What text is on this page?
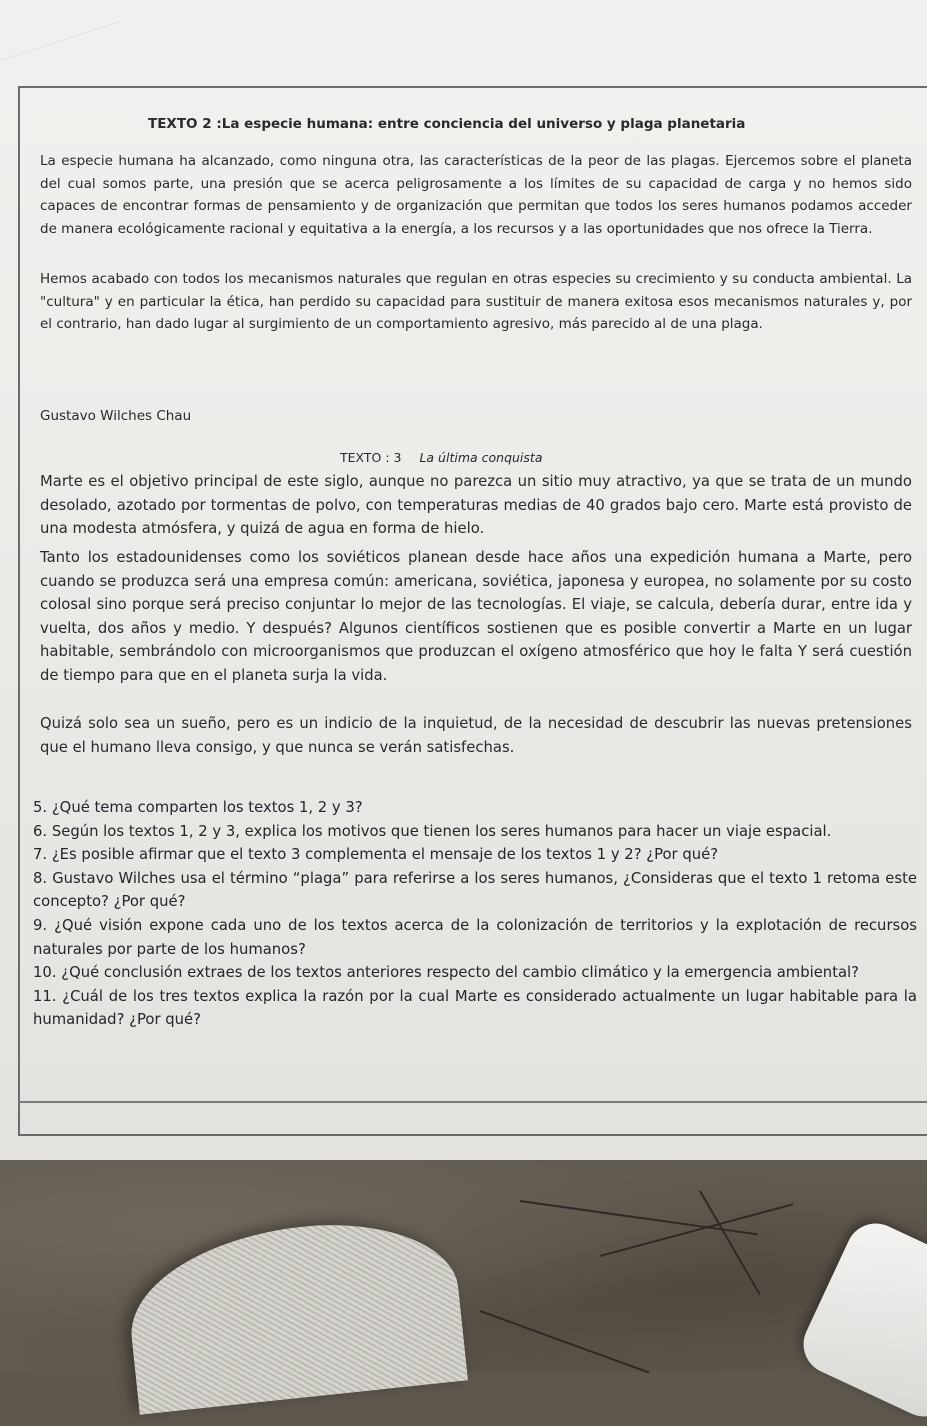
TEXTO 2 :La especie humana: entre conciencia del universo y plaga planetaria

La especie humana ha alcanzado, como ninguna otra, las características de la peor de las plagas. Ejercemos sobre el planeta del cual somos parte, una presión que se acerca peligrosamente a los límites de su capacidad de carga y no hemos sido capaces de encontrar formas de pensamiento y de organización que permitan que todos los seres humanos podamos acceder de manera ecológicamente racional y equitativa a la energía, a los recursos y a las oportunidades que nos ofrece la Tierra.

Hemos acabado con todos los mecanismos naturales que regulan en otras especies su crecimiento y su conducta ambiental. La "cultura" y en particular la ética, han perdido su capacidad para sustituir de manera exitosa esos mecanismos naturales y, por el contrario, han dado lugar al surgimiento de un comportamiento agresivo, más parecido al de una plaga.

Gustavo Wilches Chau

TEXTO : 3 La última conquista

Marte es el objetivo principal de este siglo, aunque no parezca un sitio muy atractivo, ya que se trata de un mundo desolado, azotado por tormentas de polvo, con temperaturas medias de 40 grados bajo cero. Marte está provisto de una modesta atmósfera, y quizá de agua en forma de hielo.

Tanto los estadounidenses como los soviéticos planean desde hace años una expedición humana a Marte, pero cuando se produzca será una empresa común: americana, soviética, japonesa y europea, no solamente por su costo colosal sino porque será preciso conjuntar lo mejor de las tecnologías. El viaje, se calcula, debería durar, entre ida y vuelta, dos años y medio. Y después? Algunos científicos sostienen que es posible convertir a Marte en un lugar habitable, sembrándolo con microorganismos que produzcan el oxígeno atmosférico que hoy le falta Y será cuestión de tiempo para que en el planeta surja la vida.

Quizá solo sea un sueño, pero es un indicio de la inquietud, de la necesidad de descubrir las nuevas pretensiones que el humano lleva consigo, y que nunca se verán satisfechas.

5. ¿Qué tema comparten los textos 1, 2 y 3?

6. Según los textos 1, 2 y 3, explica los motivos que tienen los seres humanos para hacer un viaje espacial.

7. ¿Es posible afirmar que el texto 3 complementa el mensaje de los textos 1 y 2? ¿Por qué?

8. Gustavo Wilches usa el término “plaga” para referirse a los seres humanos, ¿Consideras que el texto 1 retoma este concepto? ¿Por qué?

9. ¿Qué visión expone cada uno de los textos acerca de la colonización de territorios y la explotación de recursos naturales por parte de los humanos?

10. ¿Qué conclusión extraes de los textos anteriores respecto del cambio climático y la emergencia ambiental?

11. ¿Cuál de los tres textos explica la razón por la cual Marte es considerado actualmente un lugar habitable para la humanidad? ¿Por qué?
